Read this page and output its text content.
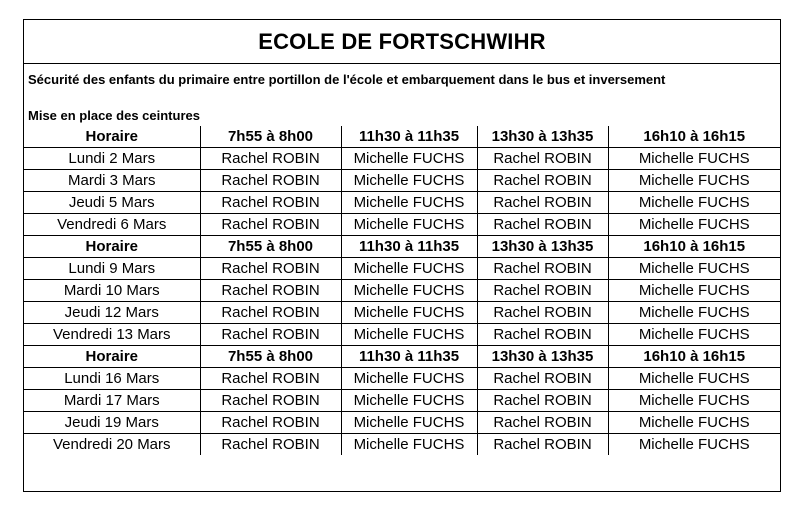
ECOLE DE FORTSCHWIHR
Sécurité des enfants du primaire entre portillon de l'école et embarquement dans le bus et inversement
Mise en place des ceintures
Horaire	7h55 à 8h00	11h30 à 11h35	13h30 à 13h35	16h10 à 16h15
Lundi 2 Mars	Rachel ROBIN	Michelle FUCHS	Rachel ROBIN	Michelle FUCHS
Mardi 3 Mars	Rachel ROBIN	Michelle FUCHS	Rachel ROBIN	Michelle FUCHS
Jeudi 5 Mars	Rachel ROBIN	Michelle FUCHS	Rachel ROBIN	Michelle FUCHS
Vendredi 6 Mars	Rachel ROBIN	Michelle FUCHS	Rachel ROBIN	Michelle FUCHS
Horaire	7h55 à 8h00	11h30 à 11h35	13h30 à 13h35	16h10 à 16h15
Lundi 9 Mars	Rachel ROBIN	Michelle FUCHS	Rachel ROBIN	Michelle FUCHS
Mardi 10 Mars	Rachel ROBIN	Michelle FUCHS	Rachel ROBIN	Michelle FUCHS
Jeudi 12 Mars	Rachel ROBIN	Michelle FUCHS	Rachel ROBIN	Michelle FUCHS
Vendredi 13 Mars	Rachel ROBIN	Michelle FUCHS	Rachel ROBIN	Michelle FUCHS
Horaire	7h55 à 8h00	11h30 à 11h35	13h30 à 13h35	16h10 à 16h15
Lundi 16 Mars	Rachel ROBIN	Michelle FUCHS	Rachel ROBIN	Michelle FUCHS
Mardi 17 Mars	Rachel ROBIN	Michelle FUCHS	Rachel ROBIN	Michelle FUCHS
Jeudi 19 Mars	Rachel ROBIN	Michelle FUCHS	Rachel ROBIN	Michelle FUCHS
Vendredi 20 Mars	Rachel ROBIN	Michelle FUCHS	Rachel ROBIN	Michelle FUCHS
